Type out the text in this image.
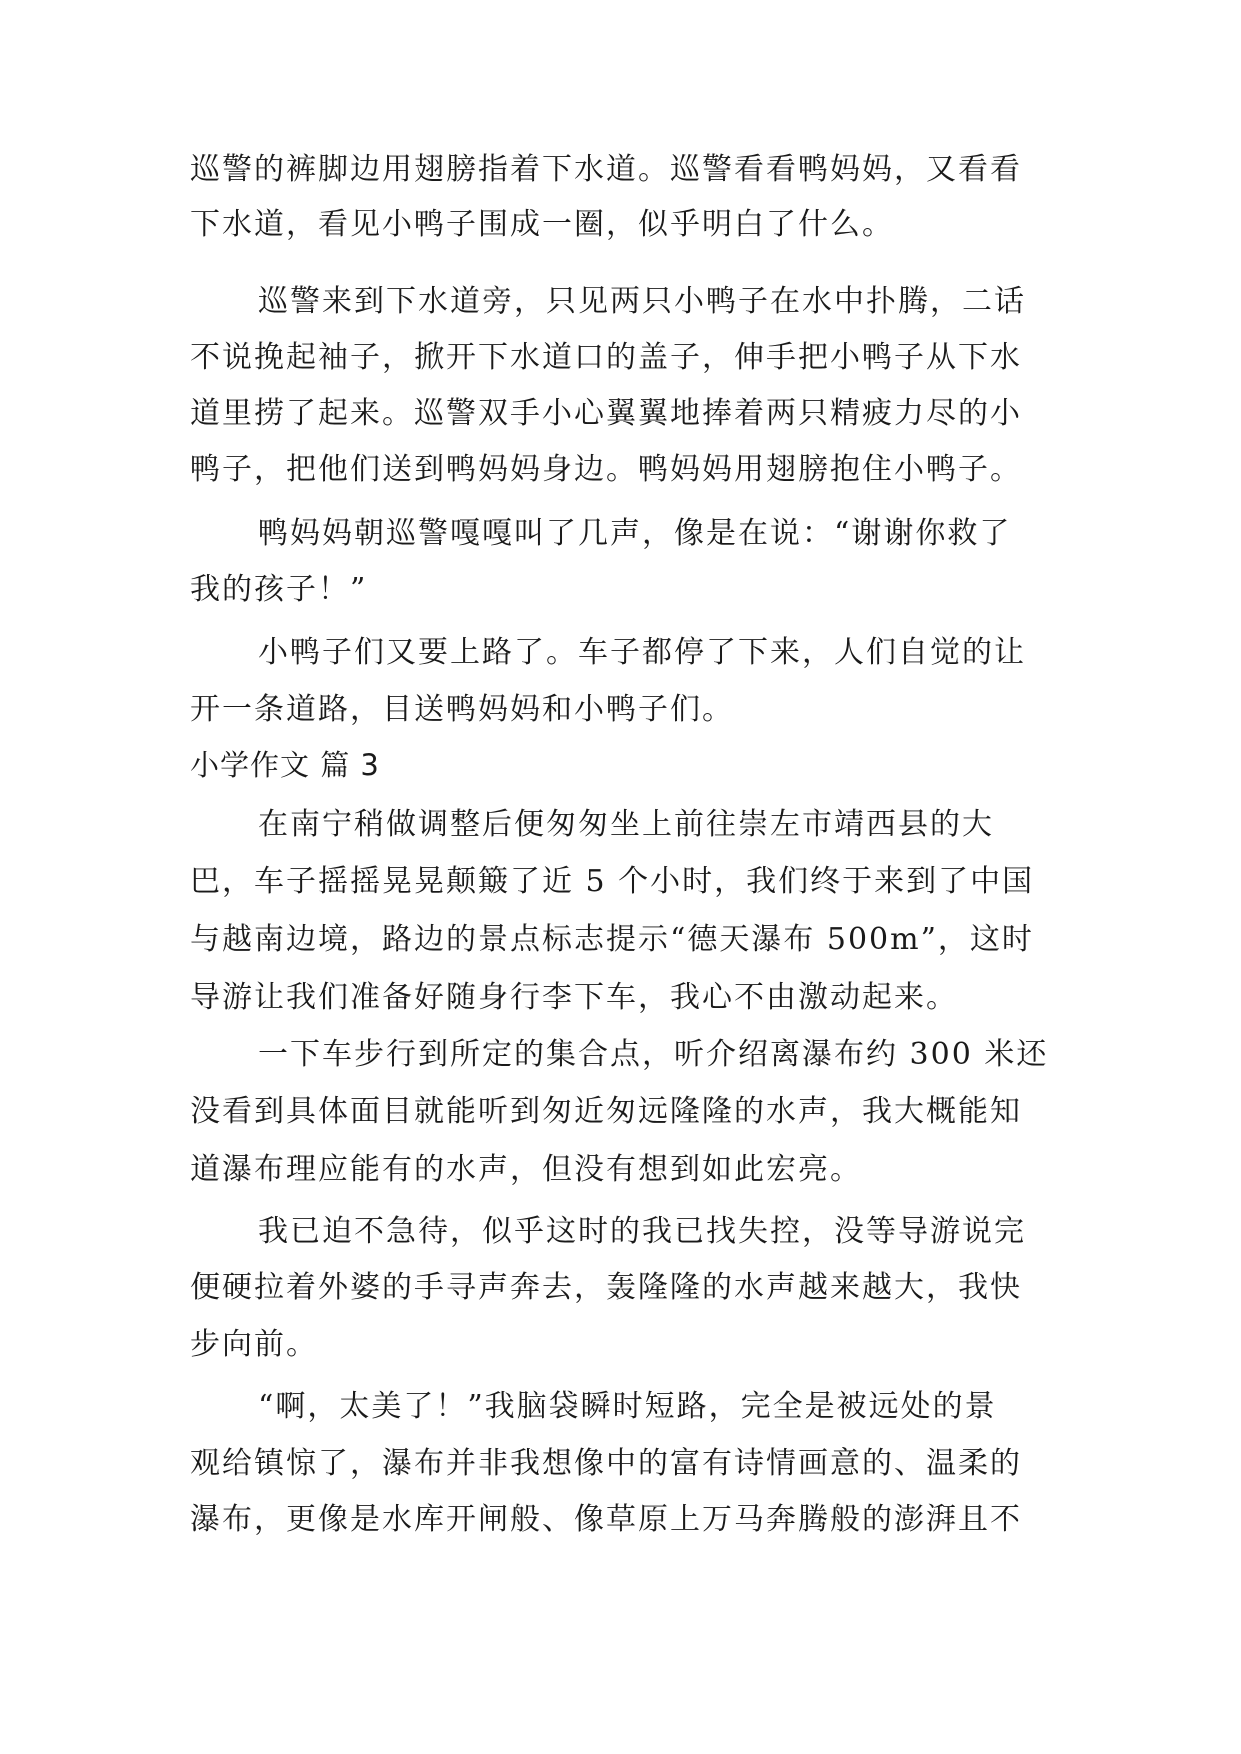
巡警的裤脚边用翅膀指着下水道。巡警看看鸭妈妈，又看看
下水道，看见小鸭子围成一圈，似乎明白了什么。
巡警来到下水道旁，只见两只小鸭子在水中扑腾，二话
不说挽起袖子，掀开下水道口的盖子，伸手把小鸭子从下水
道里捞了起来。巡警双手小心翼翼地捧着两只精疲力尽的小
鸭子，把他们送到鸭妈妈身边。鸭妈妈用翅膀抱住小鸭子。
鸭妈妈朝巡警嘎嘎叫了几声，像是在说：“谢谢你救了
我的孩子！”
小鸭子们又要上路了。车子都停了下来，人们自觉的让
开一条道路，目送鸭妈妈和小鸭子们。
小学作文 篇 3
在南宁稍做调整后便匆匆坐上前往崇左市靖西县的大
巴，车子摇摇晃晃颠簸了近 5 个小时，我们终于来到了中国
与越南边境，路边的景点标志提示“德天瀑布 500m”，这时
导游让我们准备好随身行李下车，我心不由激动起来。
一下车步行到所定的集合点，听介绍离瀑布约 300 米还
没看到具体面目就能听到匆近匆远隆隆的水声，我大概能知
道瀑布理应能有的水声，但没有想到如此宏亮。
我已迫不急待，似乎这时的我已找失控，没等导游说完
便硬拉着外婆的手寻声奔去，轰隆隆的水声越来越大，我快
步向前。
“啊，太美了！”我脑袋瞬时短路，完全是被远处的景
观给镇惊了，瀑布并非我想像中的富有诗情画意的、温柔的
瀑布，更像是水库开闸般、像草原上万马奔腾般的澎湃且不
